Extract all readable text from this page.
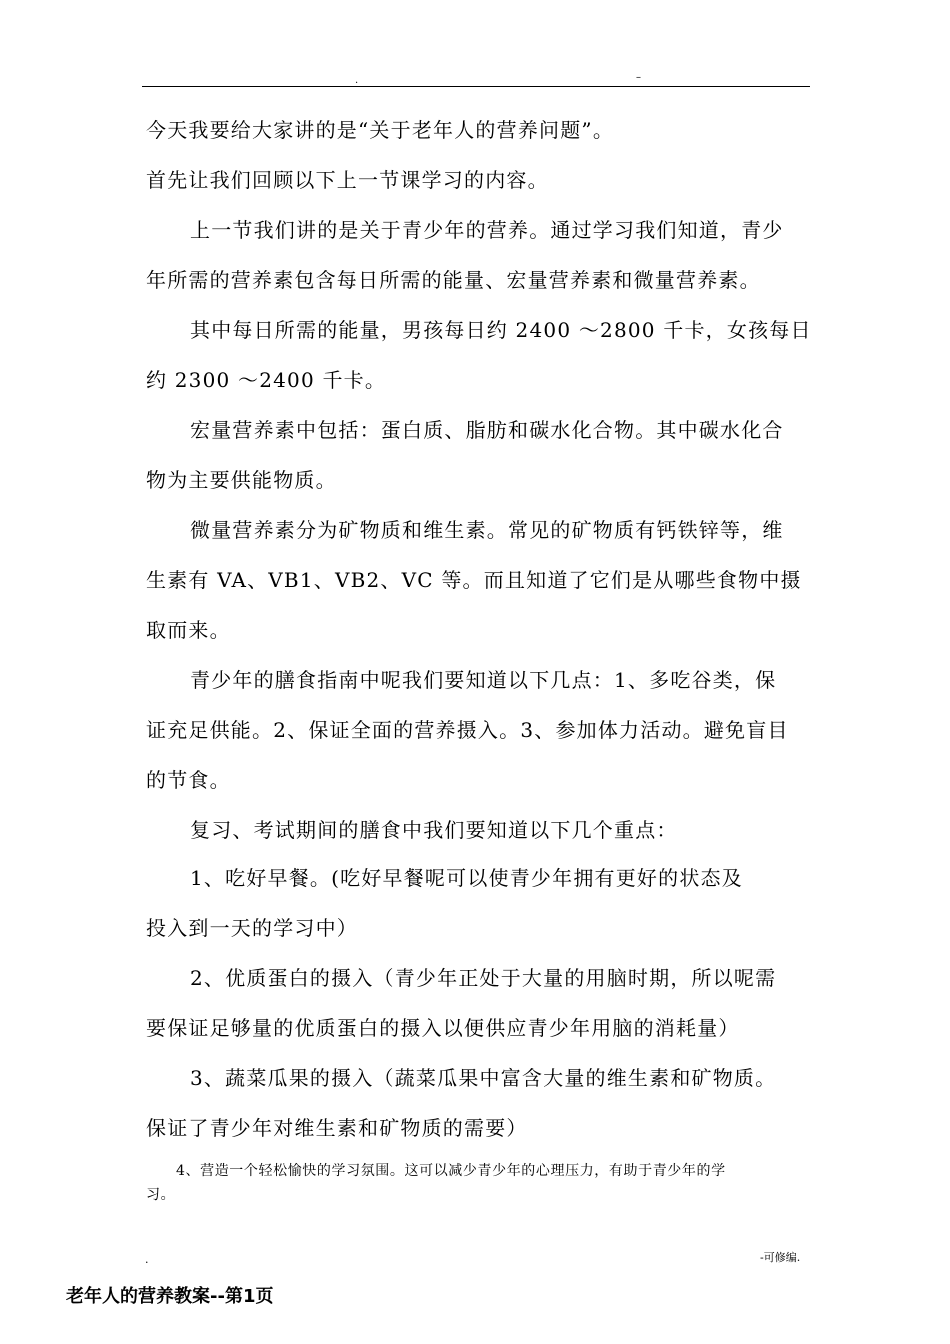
.	–
今天我要给大家讲的是“关于老年人的营养问题”。
首先让我们回顾以下上一节课学习的内容。
上一节我们讲的是关于青少年的营养。通过学习我们知道，青少
年所需的营养素包含每日所需的能量、宏量营养素和微量营养素。
其中每日所需的能量，男孩每日约 2400 ～2800 千卡，女孩每日
约 2300 ～2400 千卡。
宏量营养素中包括：蛋白质、脂肪和碳水化合物。其中碳水化合
物为主要供能物质。
微量营养素分为矿物质和维生素。常见的矿物质有钙铁锌等，维
生素有 VA、VB1、VB2、VC 等。而且知道了它们是从哪些食物中摄
取而来。
青少年的膳食指南中呢我们要知道以下几点：1、多吃谷类，保
证充足供能。2、保证全面的营养摄入。3、参加体力活动。避免盲目
的节食。
复习、考试期间的膳食中我们要知道以下几个重点：
1、吃好早餐。(吃好早餐呢可以使青少年拥有更好的状态及
投入到一天的学习中）
2、优质蛋白的摄入（青少年正处于大量的用脑时期，所以呢需
要保证足够量的优质蛋白的摄入以便供应青少年用脑的消耗量）
3、蔬菜瓜果的摄入（蔬菜瓜果中富含大量的维生素和矿物质。
保证了青少年对维生素和矿物质的需要）
4、营造一个轻松愉快的学习氛围。这可以减少青少年的心理压力，有助于青少年的学
习。
.	-可修编.
老年人的营养教案--第1页
